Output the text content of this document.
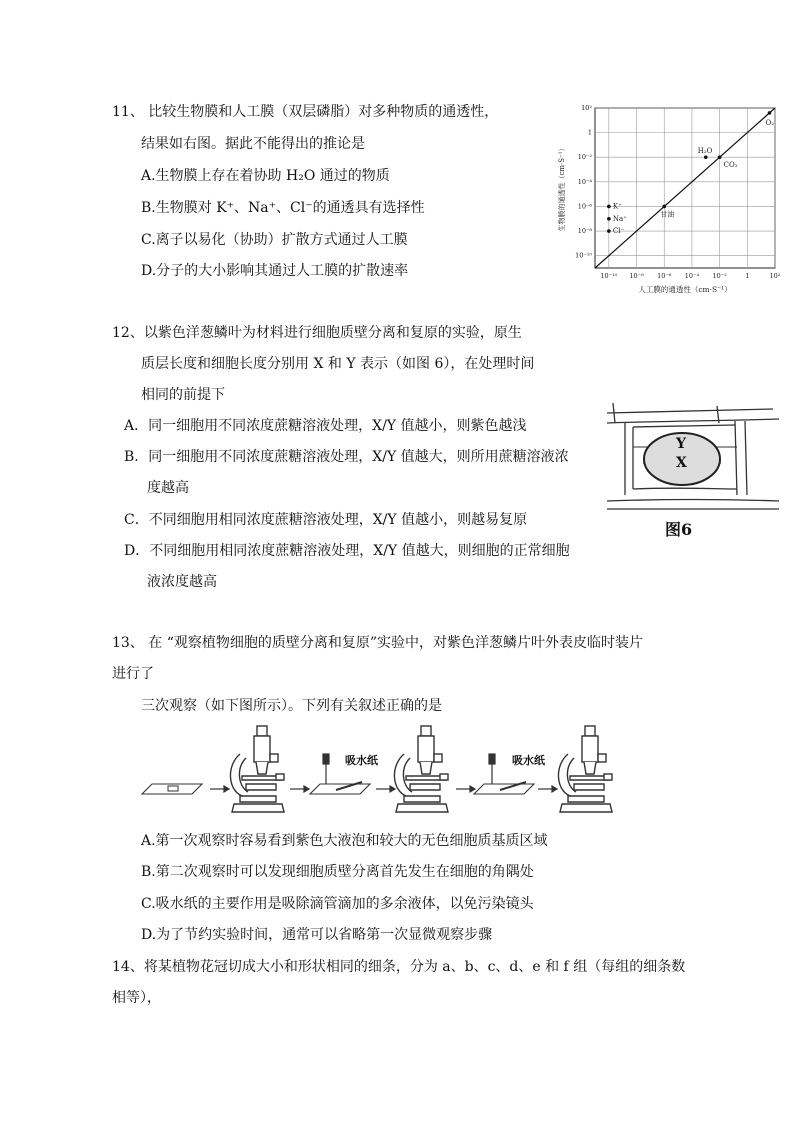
11、 比较生物膜和人工膜（双层磷脂）对多种物质的通透性，
结果如右图。据此不能得出的推论是
A.生物膜上存在着协助 H₂O 通过的物质
B.生物膜对 K⁺、Na⁺、Cl⁻的通透具有选择性
C.离子以易化（协助）扩散方式通过人工膜
D.分子的大小影响其通过人工膜的扩散速率	10⁻¹⁰ 10⁻⁸ 10⁻⁶ 10⁻⁴ 10⁻²	1	10²
10²
1
10⁻²
10⁻⁴
10⁻⁶
10⁻⁸
10⁻¹⁰
O₂
H₂O
CO₂
甘油
K⁺
Na⁺
Cl⁻
人工膜的通透性（cm·S⁻¹）
生物膜的通透性（cm·S⁻¹）
12、以紫色洋葱鳞叶为材料进行细胞质壁分离和复原的实验，原生
质层长度和细胞长度分别用 X 和 Y 表示（如图 6），在处理时间
相同的前提下
A．同一细胞用不同浓度蔗糖溶液处理，X/Y 值越小，则紫色越浅
B．同一细胞用不同浓度蔗糖溶液处理，X/Y 值越大，则所用蔗糖溶液浓
度越高
C．不同细胞用相同浓度蔗糖溶液处理，X/Y 值越小，则越易复原
D．不同细胞用相同浓度蔗糖溶液处理，X/Y 值越大，则细胞的正常细胞
液浓度越高
Y
X
图6
13、 在 “观察植物细胞的质壁分离和复原”实验中，对紫色洋葱鳞片叶外表皮临时装片
进行了
三次观察（如下图所示）。下列有关叙述正确的是
吸水纸	吸水纸
A.第一次观察时容易看到紫色大液泡和较大的无色细胞质基质区域
B.第二次观察时可以发现细胞质壁分离首先发生在细胞的角隅处
C.吸水纸的主要作用是吸除滴管滴加的多余液体，以免污染镜头
D.为了节约实验时间，通常可以省略第一次显微观察步骤
14、将某植物花冠切成大小和形状相同的细条，分为 a、b、c、d、e 和 f 组（每组的细条数
相等），
